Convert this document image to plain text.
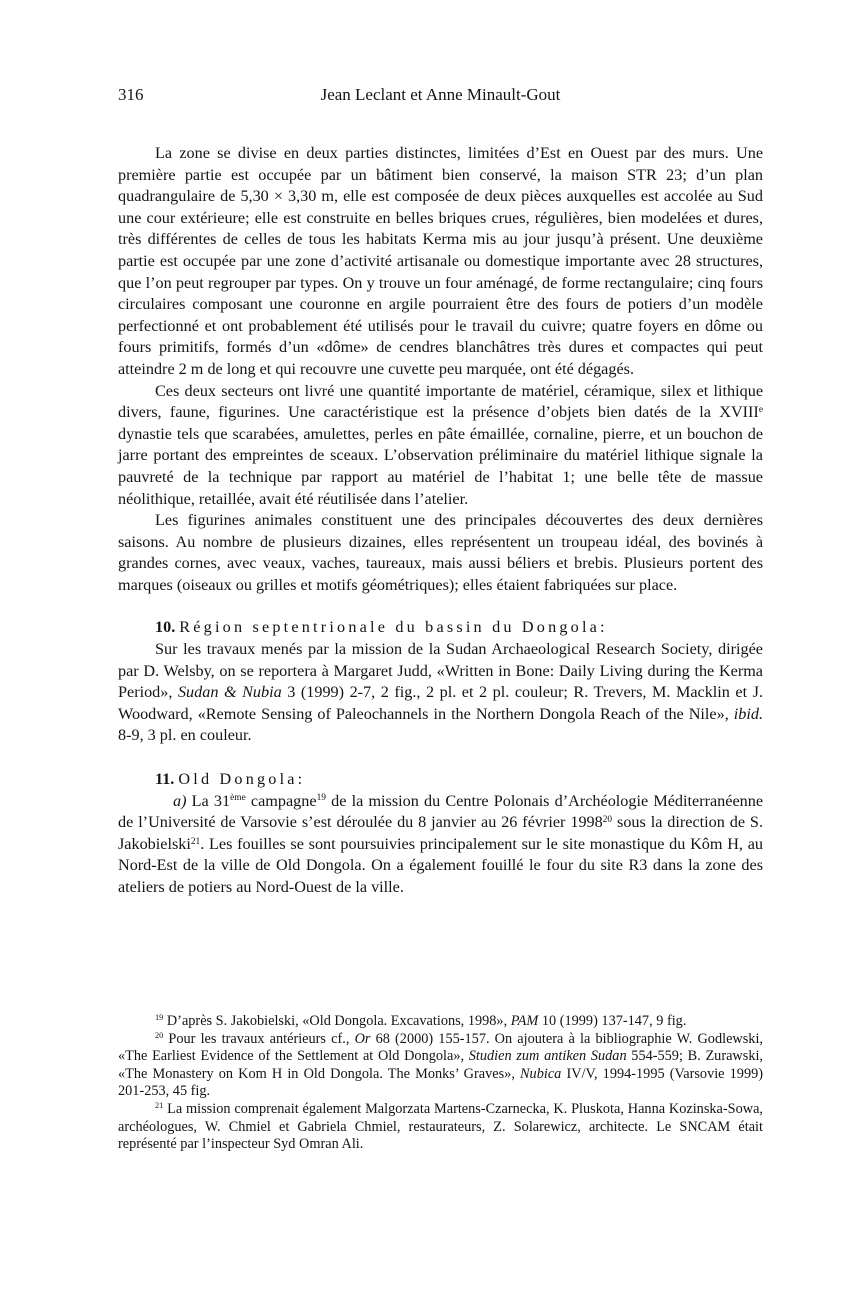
316	Jean Leclant et Anne Minault-Gout

La zone se divise en deux parties distinctes, limitées d’Est en Ouest par des murs. Une première partie est occupée par un bâtiment bien conservé, la maison STR 23; d’un plan quadrangulaire de 5,30 × 3,30 m, elle est composée de deux pièces auxquelles est accolée au Sud une cour extérieure; elle est construite en belles briques crues, régulières, bien modelées et dures, très différentes de celles de tous les habitats Kerma mis au jour jusqu’à présent. Une deuxième partie est occupée par une zone d’activité artisanale ou domestique importante avec 28 structures, que l’on peut regrouper par types. On y trouve un four aménagé, de forme rectangulaire; cinq fours circulaires composant une couronne en argile pourraient être des fours de potiers d’un modèle perfectionné et ont probablement été utilisés pour le travail du cuivre; quatre foyers en dôme ou fours primitifs, formés d’un «dôme» de cendres blanchâtres très dures et compactes qui peut atteindre 2 m de long et qui recouvre une cuvette peu marquée, ont été dégagés.

Ces deux secteurs ont livré une quantité importante de matériel, céramique, silex et lithique divers, faune, figurines. Une caractéristique est la présence d’objets bien datés de la XVIIIe dynastie tels que scarabées, amulettes, perles en pâte émaillée, cornaline, pierre, et un bouchon de jarre portant des empreintes de sceaux. L’observation préliminaire du matériel lithique signale la pauvreté de la technique par rapport au matériel de l’habitat 1; une belle tête de massue néolithique, retaillée, avait été réutilisée dans l’atelier.

Les figurines animales constituent une des principales découvertes des deux dernières saisons. Au nombre de plusieurs dizaines, elles représentent un troupeau idéal, des bovinés à grandes cornes, avec veaux, vaches, taureaux, mais aussi béliers et brebis. Plusieurs portent des marques (oiseaux ou grilles et motifs géométriques); elles étaient fabriquées sur place.

10. Région septentrionale du bassin du Dongola:

Sur les travaux menés par la mission de la Sudan Archaeological Research Society, dirigée par D. Welsby, on se reportera à Margaret Judd, «Written in Bone: Daily Living during the Kerma Period», Sudan & Nubia 3 (1999) 2-7, 2 fig., 2 pl. et 2 pl. couleur; R. Trevers, M. Macklin et J. Woodward, «Remote Sensing of Paleochannels in the Northern Dongola Reach of the Nile», ibid. 8-9, 3 pl. en couleur.

11. Old Dongola:

a) La 31ème campagne$^{19}$ de la mission du Centre Polonais d’Archéologie Méditerranéenne de l’Université de Varsovie s’est déroulée du 8 janvier au 26 février 1998$^{20}$ sous la direction de S. Jakobielski$^{21}$. Les fouilles se sont poursuivies principalement sur le site monastique du Kôm H, au Nord-Est de la ville de Old Dongola. On a également fouillé le four du site R3 dans la zone des ateliers de potiers au Nord-Ouest de la ville.

$^{19}$ D’après S. Jakobielski, «Old Dongola. Excavations, 1998», PAM 10 (1999) 137-147, 9 fig.

$^{20}$ Pour les travaux antérieurs cf., Or 68 (2000) 155-157. On ajoutera à la bibliographie W. Godlewski, «The Earliest Evidence of the Settlement at Old Dongola», Studien zum antiken Sudan 554-559; B. Zurawski, «The Monastery on Kom H in Old Dongola. The Monks’ Graves», Nubica IV/V, 1994-1995 (Varsovie 1999) 201-253, 45 fig.

$^{21}$ La mission comprenait également Malgorzata Martens-Czarnecka, K. Pluskota, Hanna Kozinska-Sowa, archéologues, W. Chmiel et Gabriela Chmiel, restaurateurs, Z. Solarewicz, architecte. Le SNCAM était représenté par l’inspecteur Syd Omran Ali.
